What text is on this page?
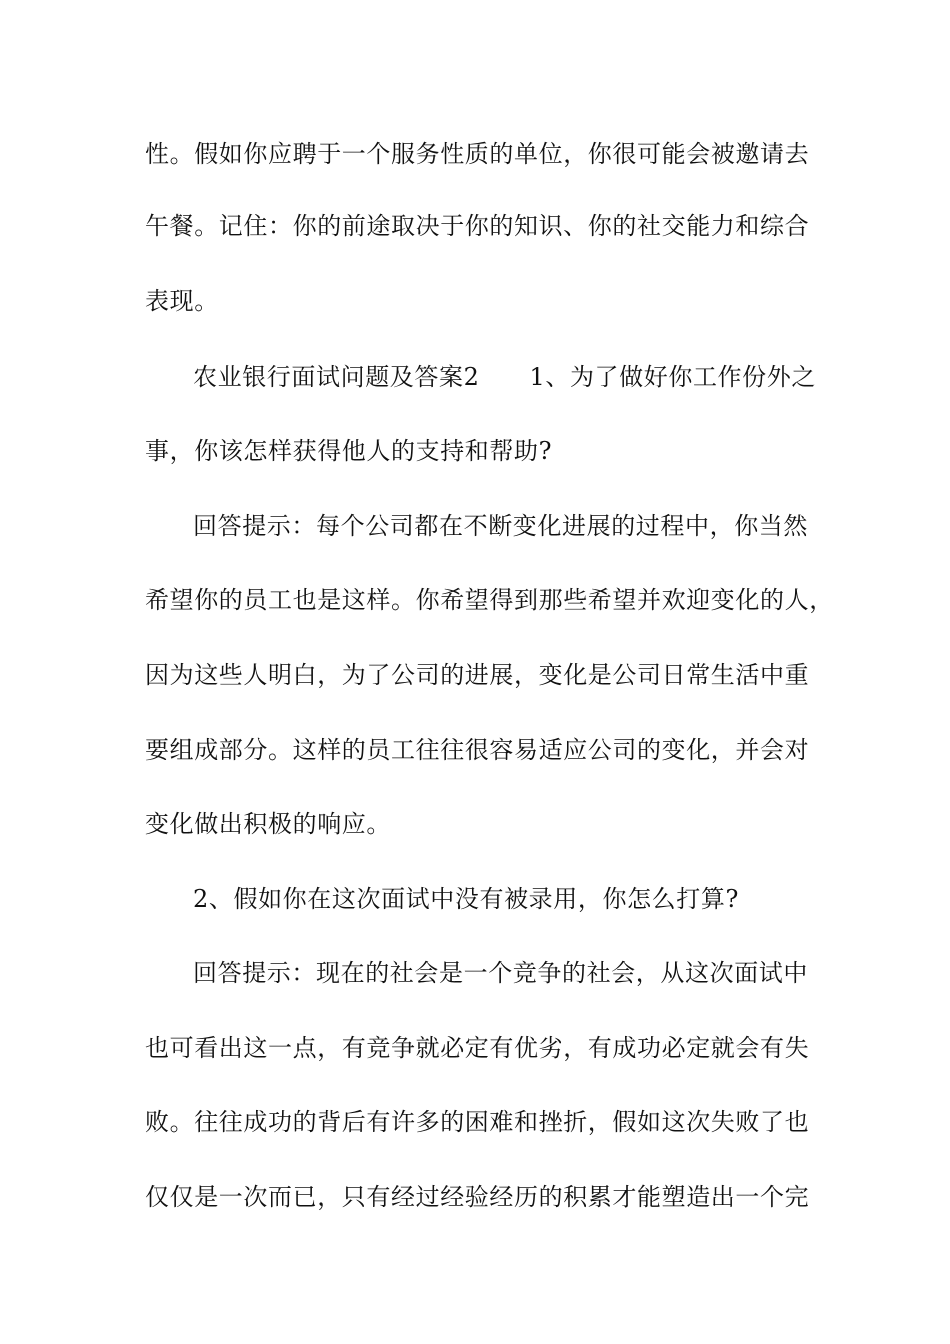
性。假如你应聘于一个服务性质的单位，你很可能会被邀请去
午餐。记住：你的前途取决于你的知识、你的社交能力和综合
表现。
农业银行面试问题及答案2 1、为了做好你工作份外之
事，你该怎样获得他人的支持和帮助?
回答提示：每个公司都在不断变化进展的过程中，你当然
希望你的员工也是这样。你希望得到那些希望并欢迎变化的人，
因为这些人明白，为了公司的进展，变化是公司日常生活中重
要组成部分。这样的员工往往很容易适应公司的变化，并会对
变化做出积极的响应。
2、假如你在这次面试中没有被录用，你怎么打算?
回答提示：现在的社会是一个竞争的社会，从这次面试中
也可看出这一点，有竞争就必定有优劣，有成功必定就会有失
败。往往成功的背后有许多的困难和挫折，假如这次失败了也
仅仅是一次而已，只有经过经验经历的积累才能塑造出一个完
